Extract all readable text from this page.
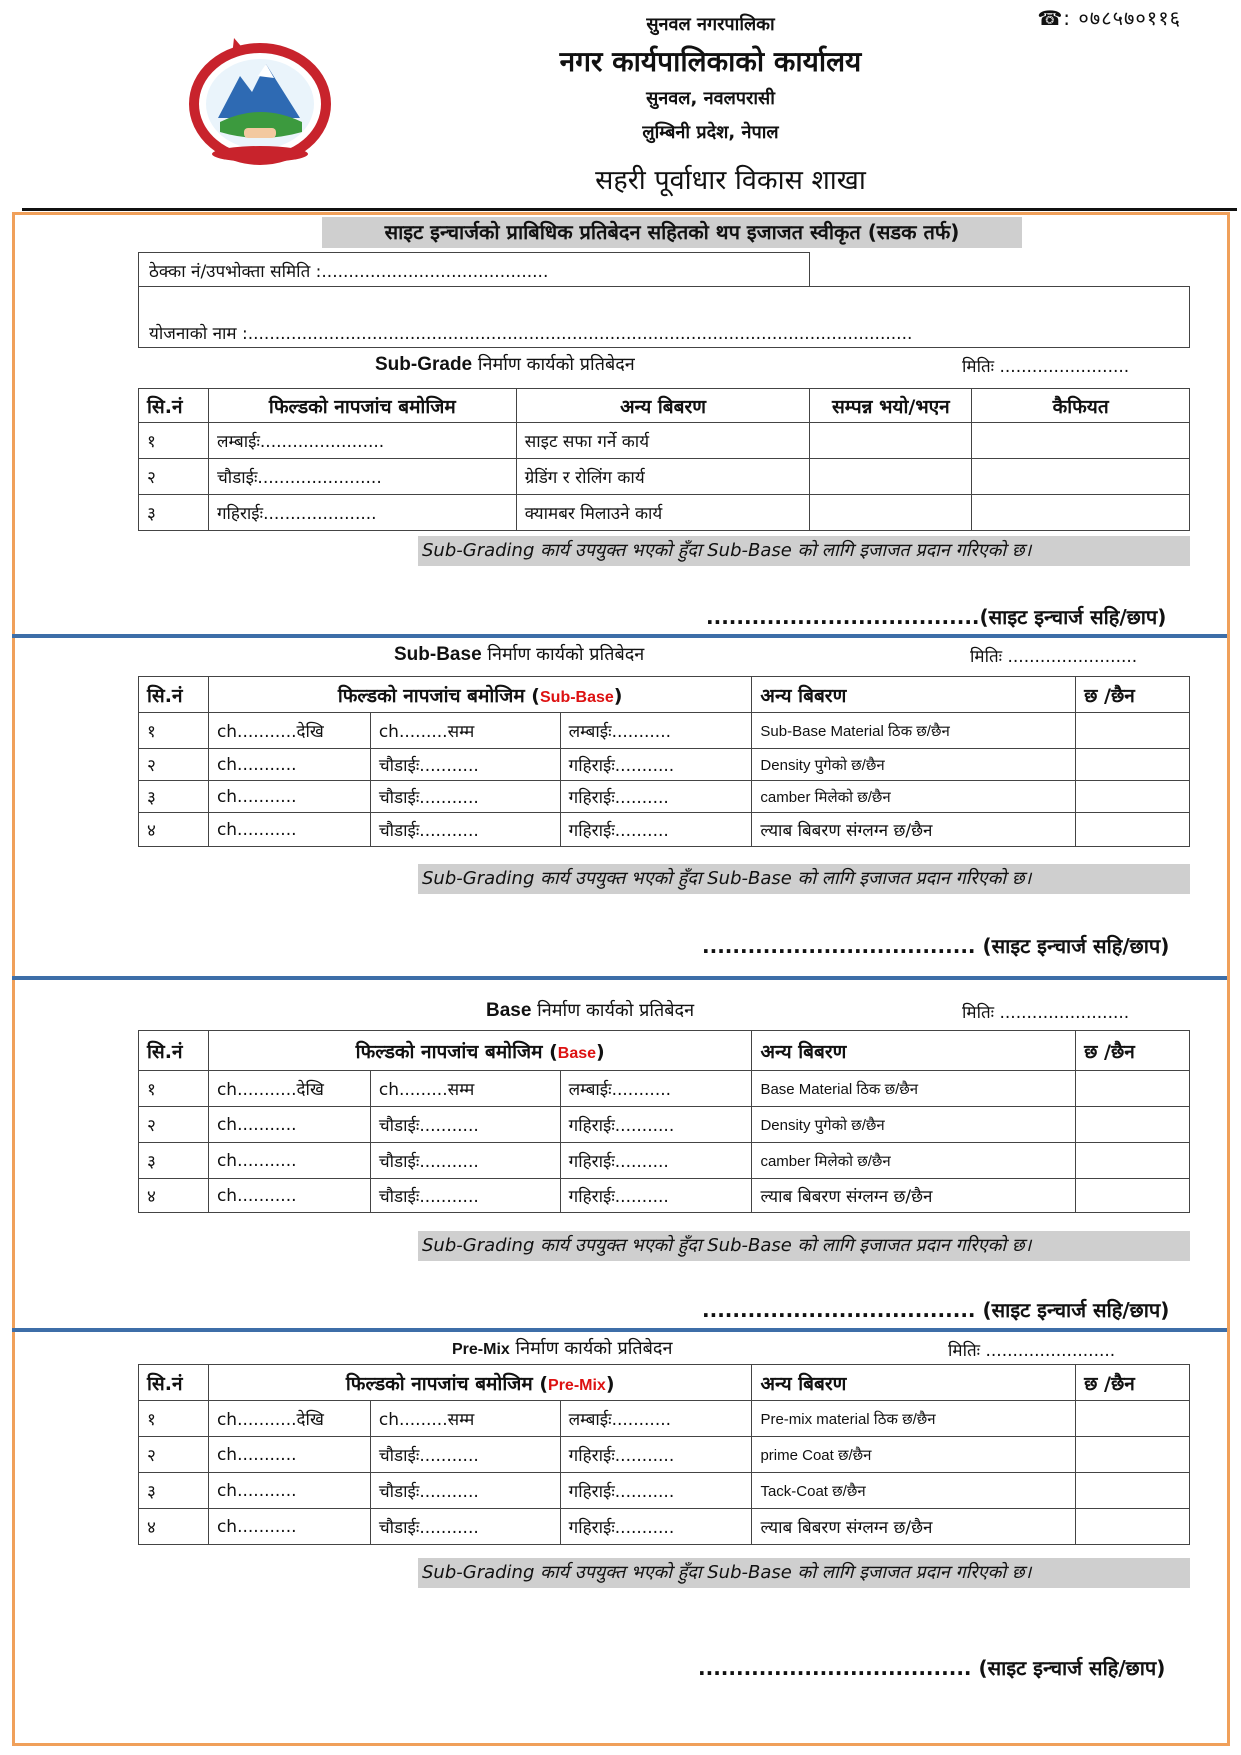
☎: ०७८५७०११६
सुनवल नगरपालिका
नगर कार्यपालिकाको कार्यालय
सुनवल, नवलपरासी
लुम्बिनी प्रदेश, नेपाल
सहरी पूर्वाधार विकास शाखा
साइट इन्चार्जको प्राबिधिक प्रतिबेदन सहितको थप इजाजत स्वीकृत (सडक तर्फ)
ठेक्का नं/उपभोक्ता समिति :..........................................
योजनाको नाम :...........................................................................................................................
Sub-Grade निर्माण कार्यको प्रतिबेदन	मितिः ........................
सि.नं	फिल्डको नापजांच बमोजिम	अन्य बिबरण	सम्पन्न भयो/भएन	कैफियत
१	लम्बाईः.......................	साइट सफा गर्ने कार्य		
२	चौडाईः.......................	ग्रेडिंग र रोलिंग कार्य		
३	गहिराईः.....................	क्यामबर मिलाउने कार्य		
Sub-Grading कार्य उपयुक्त भएको हुँदा Sub-Base को लागि इजाजत प्रदान गरिएको छ।
....................................(साइट इन्चार्ज सहि/छाप)
Sub-Base निर्माण कार्यको प्रतिबेदन	मितिः ........................
सि.नं	फिल्डको नापजांच बमोजिम (Sub-Base)			अन्य बिबरण	छ /छैन
१	ch...........देखि	ch.........सम्म	लम्बाईः...........	Sub-Base Material ठिक छ/छैन	
२	ch...........	चौडाईः...........	गहिराईः...........	Density पुगेको छ/छैन	
३	ch...........	चौडाईः...........	गहिराईः..........	camber मिलेको छ/छैन	
४	ch...........	चौडाईः...........	गहिराईः..........	ल्याब बिबरण संग्लग्न छ/छैन	
Sub-Grading कार्य उपयुक्त भएको हुँदा Sub-Base को लागि इजाजत प्रदान गरिएको छ।
.................................... (साइट इन्चार्ज सहि/छाप)
Base निर्माण कार्यको प्रतिबेदन	मितिः ........................
सि.नं	फिल्डको नापजांच बमोजिम (Base)			अन्य बिबरण	छ /छैन
१	ch...........देखि	ch.........सम्म	लम्बाईः...........	Base Material ठिक छ/छैन	
२	ch...........	चौडाईः...........	गहिराईः...........	Density पुगेको छ/छैन	
३	ch...........	चौडाईः...........	गहिराईः..........	camber मिलेको छ/छैन	
४	ch...........	चौडाईः...........	गहिराईः..........	ल्याब बिबरण संग्लग्न छ/छैन	
Sub-Grading कार्य उपयुक्त भएको हुँदा Sub-Base को लागि इजाजत प्रदान गरिएको छ।
.................................... (साइट इन्चार्ज सहि/छाप)
Pre-Mix निर्माण कार्यको प्रतिबेदन	मितिः ........................
सि.नं	फिल्डको नापजांच बमोजिम (Pre-Mix)			अन्य बिबरण	छ /छैन
१	ch...........देखि	ch.........सम्म	लम्बाईः...........	Pre-mix material ठिक छ/छैन	
२	ch...........	चौडाईः...........	गहिराईः...........	prime Coat छ/छैन	
३	ch...........	चौडाईः...........	गहिराईः...........	Tack-Coat छ/छैन	
४	ch...........	चौडाईः...........	गहिराईः...........	ल्याब बिबरण संग्लग्न छ/छैन	
Sub-Grading कार्य उपयुक्त भएको हुँदा Sub-Base को लागि इजाजत प्रदान गरिएको छ।
.................................... (साइट इन्चार्ज सहि/छाप)
